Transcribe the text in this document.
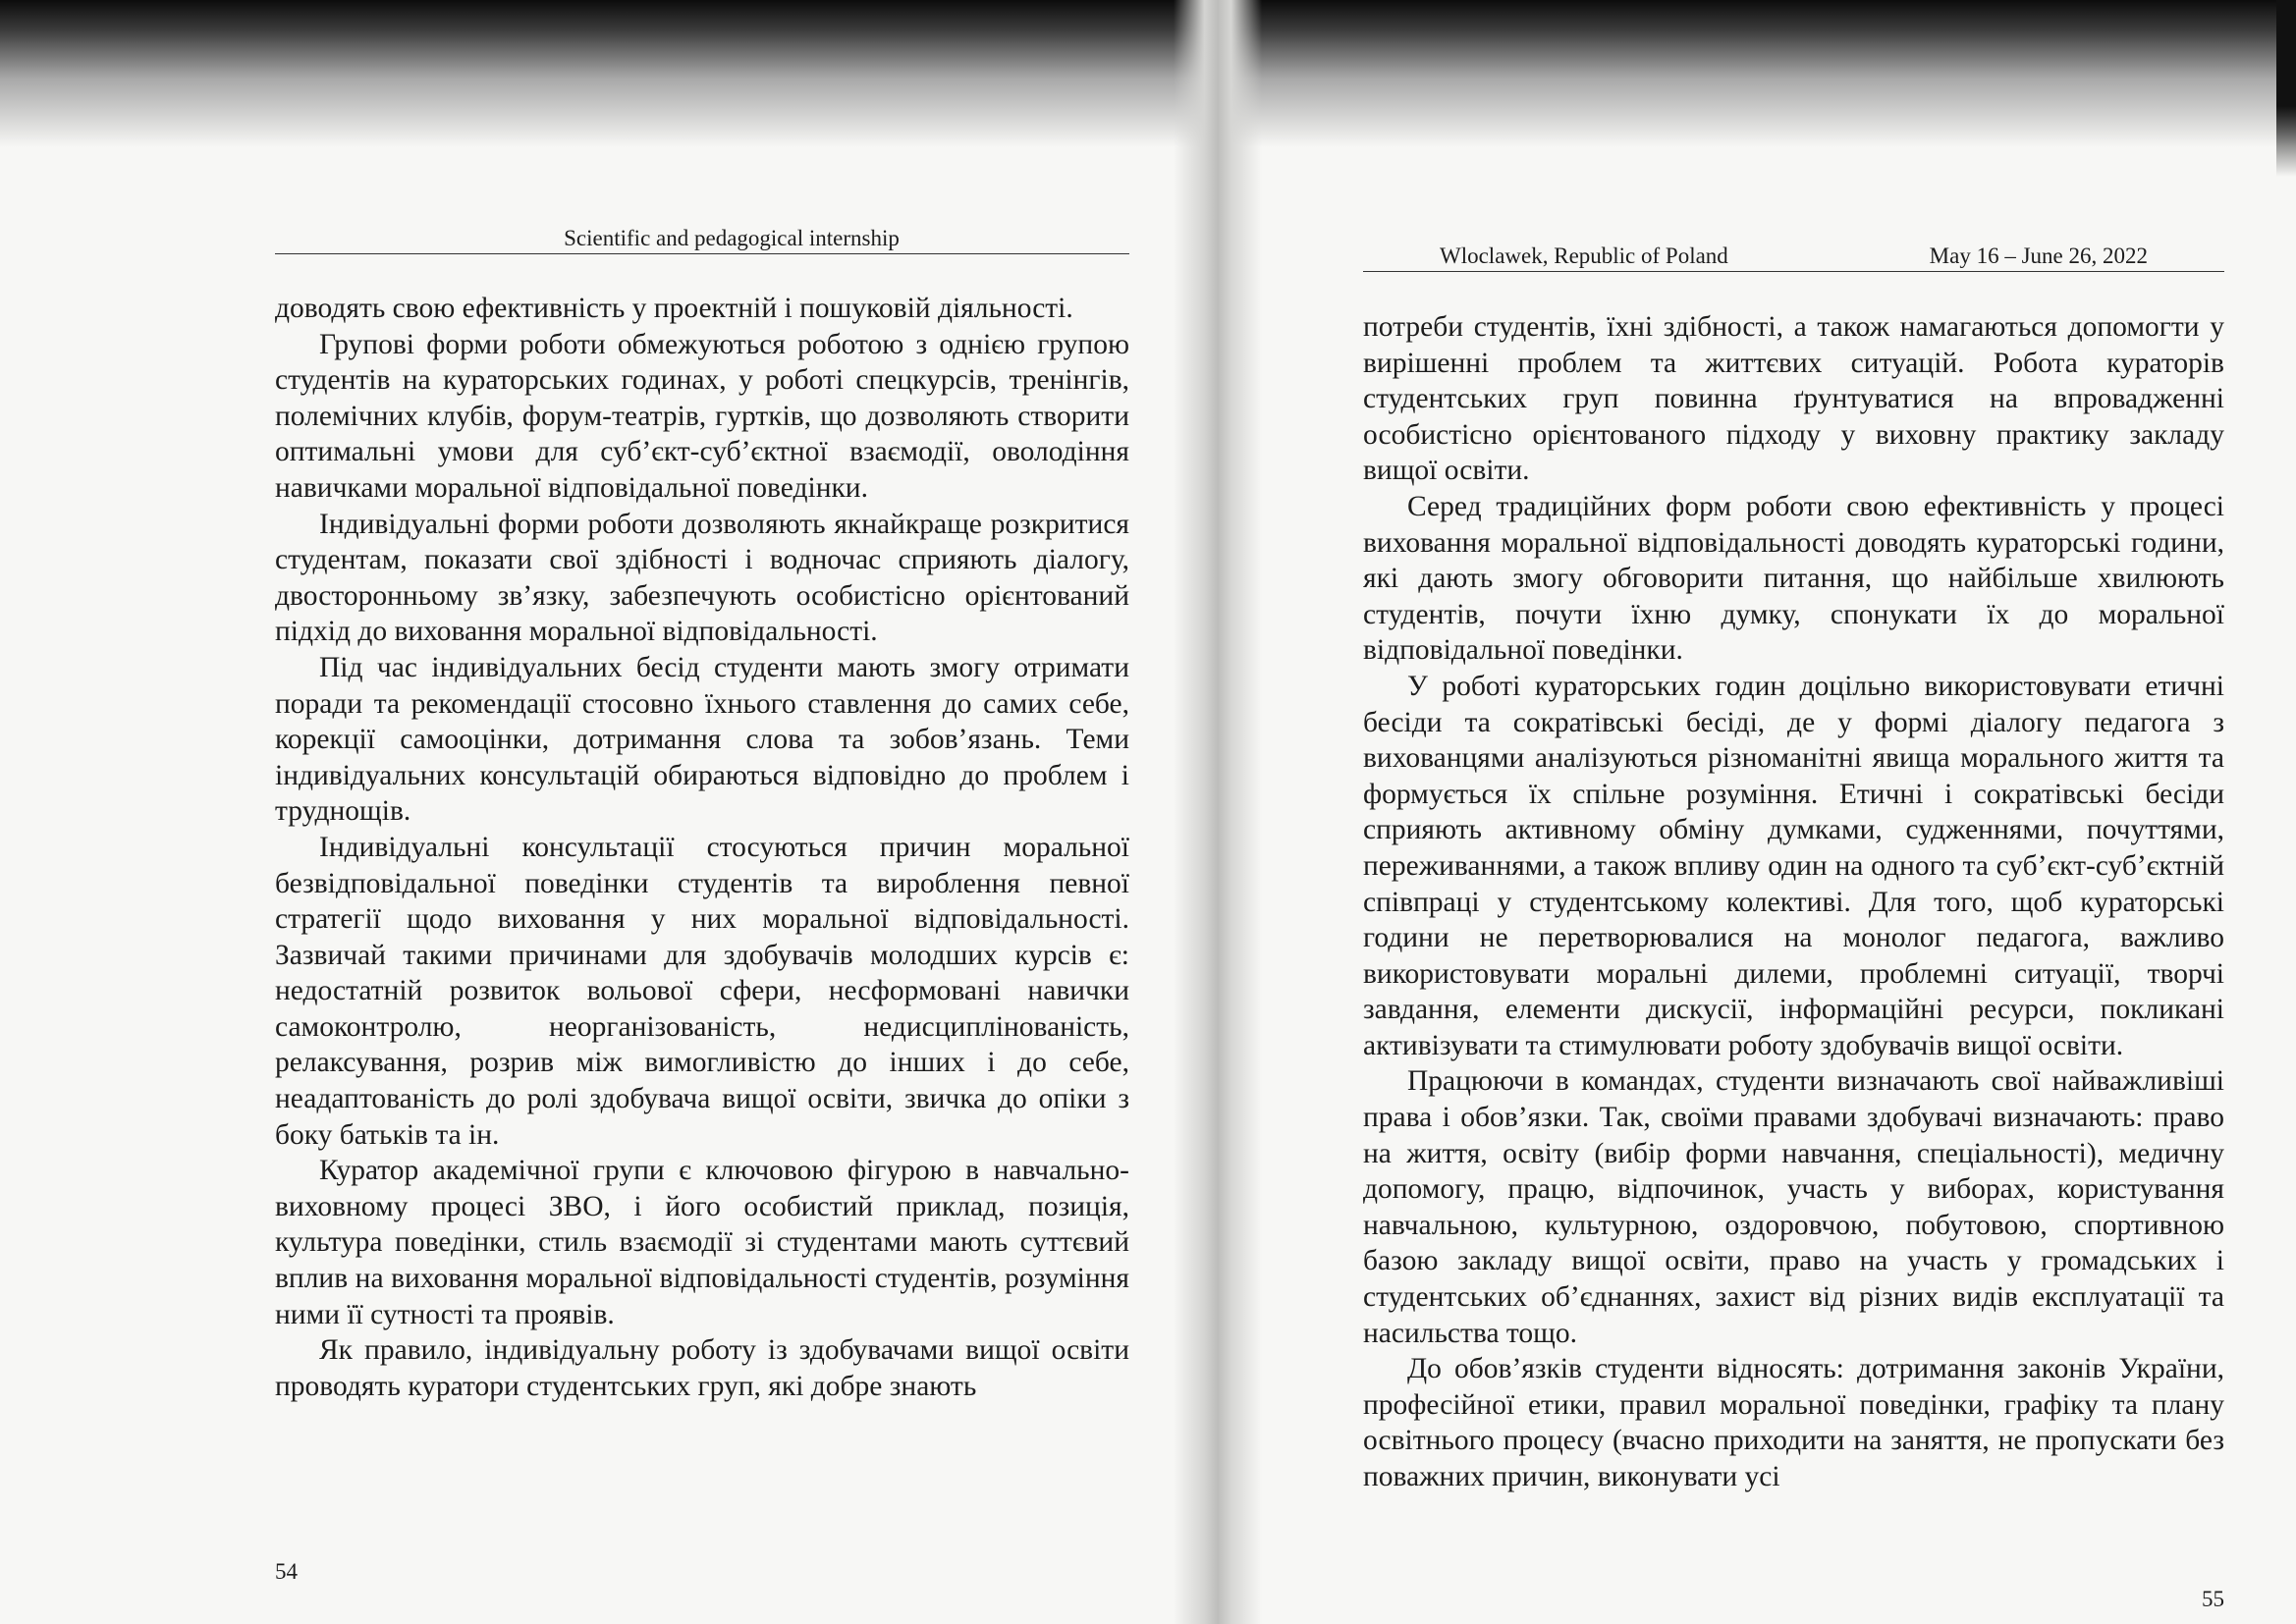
Scientific and pedagogical internship

доводять свою ефективність у проектній і пошуковій діяльності.

Групові форми роботи обмежуються роботою з однією групою студентів на кураторських годинах, у роботі спецкурсів, тренінгів, полемічних клубів, форум-театрів, гуртків, що дозволяють створити оптимальні умови для суб’єкт-суб’єктної взаємодії, оволодіння навичками моральної відповідальної поведінки.

Індивідуальні форми роботи дозволяють якнайкраще розкритися студентам, показати свої здібності і водночас сприяють діалогу, двосторонньому зв’язку, забезпечують особистісно орієнтований підхід до виховання моральної відповідальності.

Під час індивідуальних бесід студенти мають змогу отримати поради та рекомендації стосовно їхнього ставлення до самих себе, корекції самооцінки, дотримання слова та зобов’язань. Теми індивідуальних консультацій обираються відповідно до проблем і труднощів.

Індивідуальні консультації стосуються причин моральної безвідповідальної поведінки студентів та вироблення певної стратегії щодо виховання у них моральної відповідальності. Зазвичай такими причинами для здобувачів молодших курсів є: недостатній розвиток вольової сфери, несформовані навички самоконтролю, неорганізованість, недисциплінованість, релаксування, розрив між вимогливістю до інших і до себе, неадаптованість до ролі здобувача вищої освіти, звичка до опіки з боку батьків та ін.

Куратор академічної групи є ключовою фігурою в навчально-виховному процесі ЗВО, і його особистий приклад, позиція, культура поведінки, стиль взаємодії зі студентами мають суттєвий вплив на виховання моральної відповідальності студентів, розуміння ними її сутності та проявів.

Як правило, індивідуальну роботу із здобувачами вищої освіти проводять куратори студентських груп, які добре знають

54
Wloclawek, Republic of Poland	May 16 – June 26, 2022

потреби студентів, їхні здібності, а також намагаються допомогти у вирішенні проблем та життєвих ситуацій. Робота кураторів студентських груп повинна ґрунтуватися на впровадженні особистісно орієнтованого підходу у виховну практику закладу вищої освіти.

Серед традиційних форм роботи свою ефективність у процесі виховання моральної відповідальності доводять кураторські години, які дають змогу обговорити питання, що найбільше хвилюють студентів, почути їхню думку, спонукати їх до моральної відповідальної поведінки.

У роботі кураторських годин доцільно використовувати етичні бесіди та сократівські бесіді, де у формі діалогу педагога з вихованцями аналізуються різноманітні явища морального життя та формується їх спільне розуміння. Етичні і сократівські бесіди сприяють активному обміну думками, судженнями, почуттями, переживаннями, а також впливу один на одного та суб’єкт-суб’єктній співпраці у студентському колективі. Для того, щоб кураторські години не перетворювалися на монолог педагога, важливо використовувати моральні дилеми, проблемні ситуації, творчі завдання, елементи дискусії, інформаційні ресурси, покликані активізувати та стимулювати роботу здобувачів вищої освіти.

Працюючи в командах, студенти визначають свої найважливіші права і обов’язки. Так, своїми правами здобувачі визначають: право на життя, освіту (вибір форми навчання, спеціальності), медичну допомогу, працю, відпочинок, участь у виборах, користування навчальною, культурною, оздоровчою, побутовою, спортивною базою закладу вищої освіти, право на участь у громадських і студентських об’єднаннях, захист від різних видів експлуатації та насильства тощо.

До обов’язків студенти відносять: дотримання законів України, професійної етики, правил моральної поведінки, графіку та плану освітнього процесу (вчасно приходити на заняття, не пропускати без поважних причин, виконувати усі

55
